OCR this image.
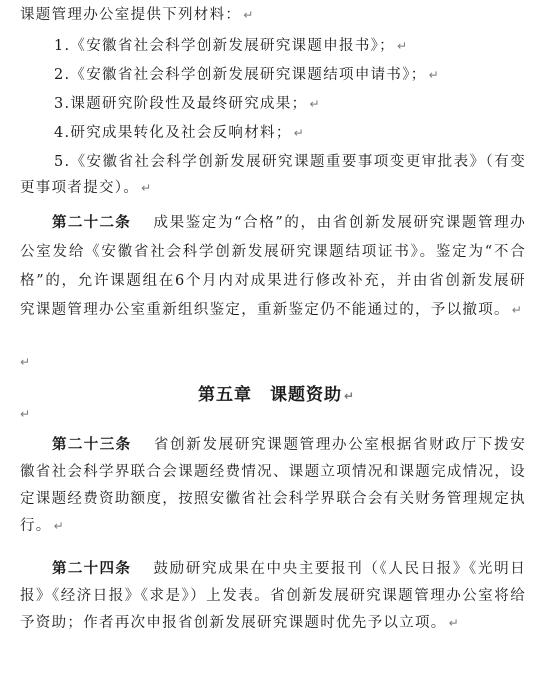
课题管理办公室提供下列材料： ↵

1.《安徽省社会科学创新发展研究课题申报书》； ↵

2.《安徽省社会科学创新发展研究课题结项申请书》； ↵

3.课题研究阶段性及最终研究成果； ↵

4.研究成果转化及社会反响材料； ↵

5.《安徽省社会科学创新发展研究课题重要事项变更审批表》（有变更事项者提交）。 ↵

第二十二条 成果鉴定为“合格”的，由省创新发展研究课题管理办公室发给《安徽省社会科学创新发展研究课题结项证书》。鉴定为“不合格”的，允许课题组在6个月内对成果进行修改补充，并由省创新发展研究课题管理办公室重新组织鉴定，重新鉴定仍不能通过的，予以撤项。 ↵

↵
第五章 课题资助 ↵
↵

第二十三条 省创新发展研究课题管理办公室根据省财政厅下拨安徽省社会科学界联合会课题经费情况、课题立项情况和课题完成情况，设定课题经费资助额度，按照安徽省社会科学界联合会有关财务管理规定执行。 ↵

第二十四条 鼓励研究成果在中央主要报刊（《人民日报》《光明日报》《经济日报》《求是》）上发表。省创新发展研究课题管理办公室将给予资助；作者再次申报省创新发展研究课题时优先予以立项。 ↵
